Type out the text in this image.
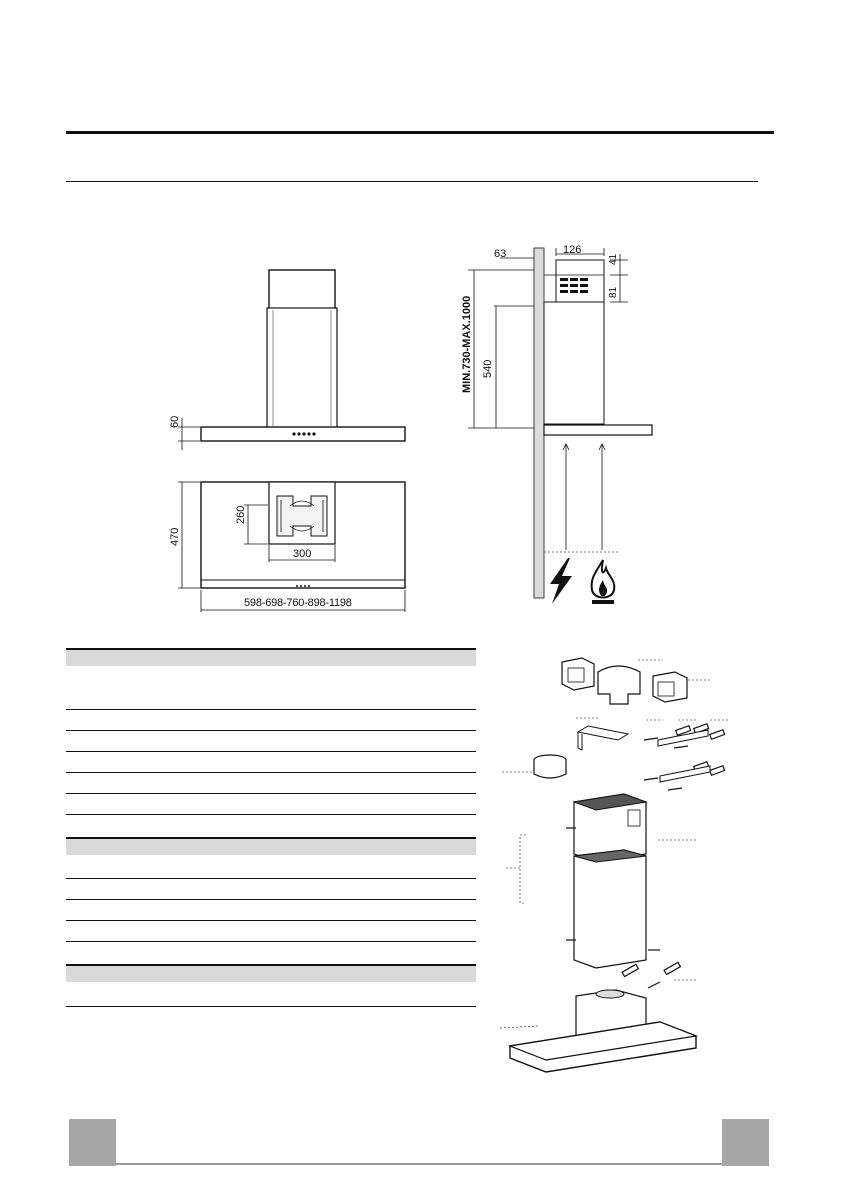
60
470
260
300
598-698-760-898-1198
63	126
41
81
MIN.730-MAX.1000 540
